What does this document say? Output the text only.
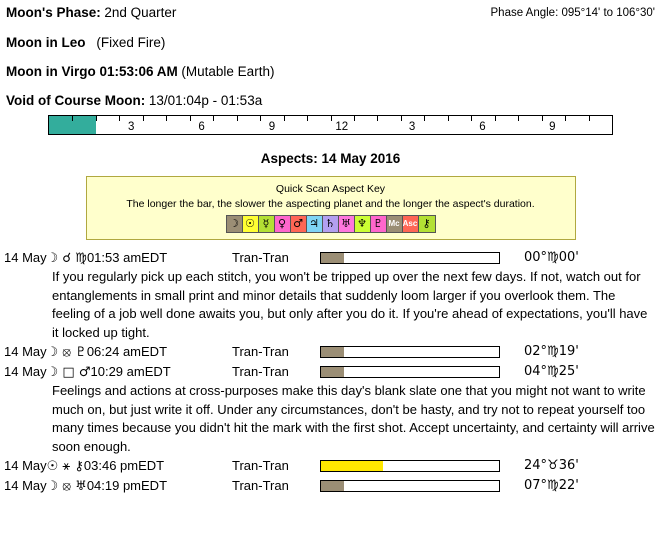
Moon's Phase: 2nd Quarter	Phase Angle: 095°14' to 106°30'
Moon in Leo (Fixed Fire)
Moon in Virgo 01:53:06 AM (Mutable Earth)
Void of Course Moon: 13/01:04p - 01:53a
3	6	9	12	3	6	9
Aspects: 14 May 2016
Quick Scan Aspect Key
The longer the bar, the slower the aspecting planet and the longer the aspect's duration.
☽ ☉ ☿ ♀ ♂ ♃ ♄ ♅ ♆ ♇ Mc Asc ⚷
14 May☽ ☌ ♍01:53 amEDT	Tran-Tran	00°♍00'

If you regularly pick up each stitch, you won't be tripped up over the next few days. If not, watch out for entanglements in small print and minor details that suddenly loom larger if you overlook them. The feeling of a job well done awaits you, but only after you do it. If you're ahead of expectations, you'll have it locked up tight.

14 May☽ ⦻ ♇06:24 amEDT	Tran-Tran	02°♍19'
14 May☽ □ ♂10:29 amEDT	Tran-Tran	04°♍25'

Feelings and actions at cross-purposes make this day's blank slate one that you might not want to write much on, but just write it off. Under any circumstances, don't be hasty, and try not to repeat yourself too many times because you didn't hit the mark with the first shot. Accept uncertainty, and certainty will arrive soon enough.

14 May☉ ⚹ ⚷03:46 pmEDT	Tran-Tran	24°♉36'
14 May☽ ⦻ ♅04:19 pmEDT	Tran-Tran	07°♍22'
